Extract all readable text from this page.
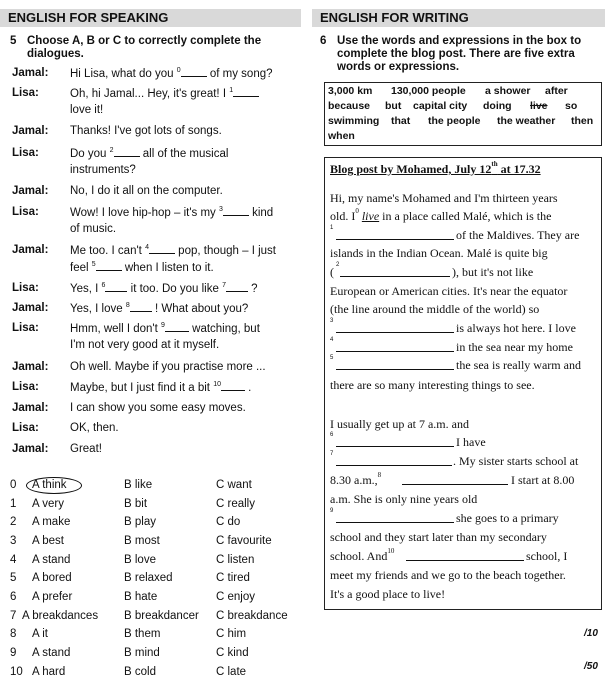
ENGLISH FOR SPEAKING
5 Choose A, B or C to correctly complete the
dialogues.
Jamal: Hi Lisa, what do you $^0$ of my song?
Lisa:	Oh, hi Jamal... Hey, it's great! I $^1$
love it!
Jamal: Thanks! I've got lots of songs.
Lisa:	Do you $^2$ all of the musical
instruments?
Jamal: No, I do it all on the computer.
Lisa:	Wow! I love hip-hop – it's my $^3$ kind
of music.
Jamal: Me too. I can't $^4$ pop, though – I just
feel $^5$ when I listen to it.
Lisa:	Yes, I $^6$ it too. Do you like $^7$ ?
Jamal: Yes, I love $^8$ ! What about you?
Lisa:	Hmm, well I don't $^9$ watching, but
I'm not very good at it myself.
Jamal: Oh well. Maybe if you practise more ...
Lisa:	Maybe, but I just find it a bit $^{10}$ .
Jamal: I can show you some easy moves.
Lisa:	OK, then.
Jamal: Great!
0 A think	B like	C want
1 A very	B bit	C really
2 A make	B play	C do
3 A best	B most	C favourite
4 A stand	B love	C listen
5 A bored	B relaxed	C tired
6 A prefer	B hate	C enjoy
7 A breakdances B breakdancer C breakdance
8 A it	B them	C him
9 A stand	B mind	C kind
10 A hard	B cold	C late
ENGLISH FOR WRITING
6 Use the words and expressions in the box to
complete the blog post. There are five extra
words or expressions.
3,000 km 130,000 people a shower after
because but capital city doing live so
swimming that the people the weather then
when
Blog post by Mohamed, July 12th at 17.32
Hi, my name's Mohamed and I'm thirteen years
old. $I^0$ live in a place called Malé, which is the
1	of the Maldives. They are
islands in the Indian Ocean. Malé is quite big
( 2	), but it's not like
European or American cities. It's near the equator
(the line around the middle of the world) so
3	is always hot here. I love
4	in the sea near my home
5	the sea is really warm and
there are so many interesting things to see.
I usually get up at 7 a.m. and
6	I have
7	. My sister starts school at
8.30 a.m.,$^8$	I start at 8.00
a.m. She is only nine years old
9	she goes to a primary
school and they start later than my secondary
school. And$^{10}$	school, I
meet my friends and we go to the beach together.
It's a good place to live!
/10
/50
